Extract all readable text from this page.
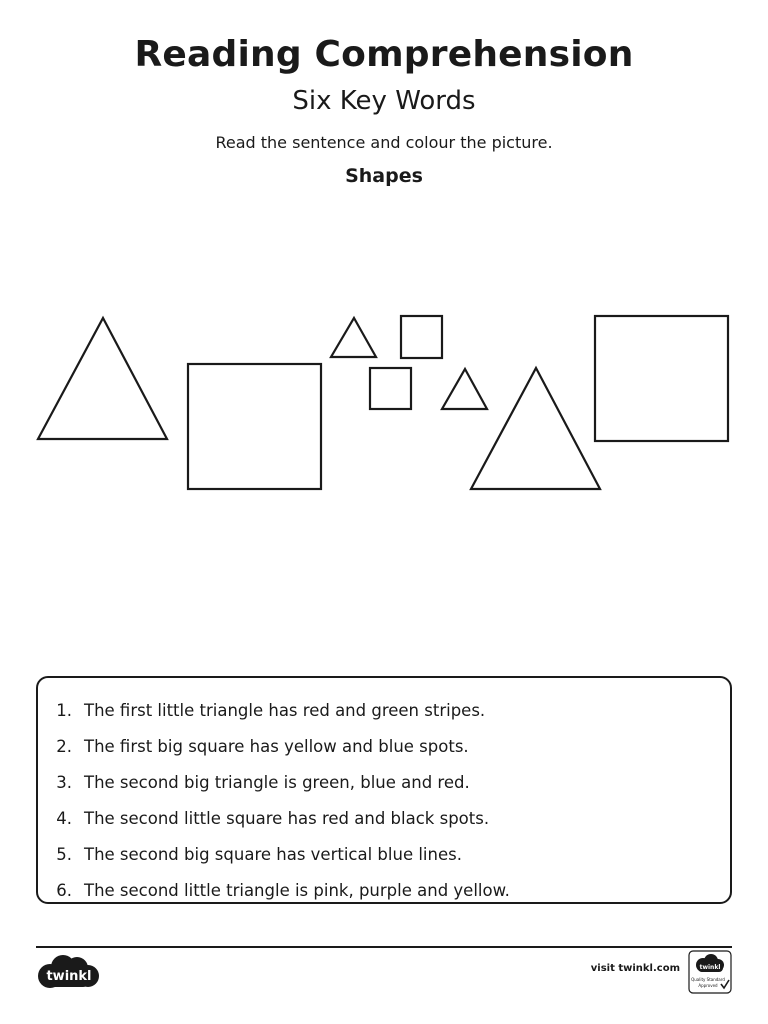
Reading Comprehension
Six Key Words

Read the sentence and colour the picture.

Shapes

1. The first little triangle has red and green stripes.
2. The first big square has yellow and blue spots.
3. The second big triangle is green, blue and red.
4. The second little square has red and black spots.
5. The second big square has vertical blue lines.
6. The second little triangle is pink, purple and yellow.
twinkl
visit twinkl.com	twinkl
Quality Standard
Approved
